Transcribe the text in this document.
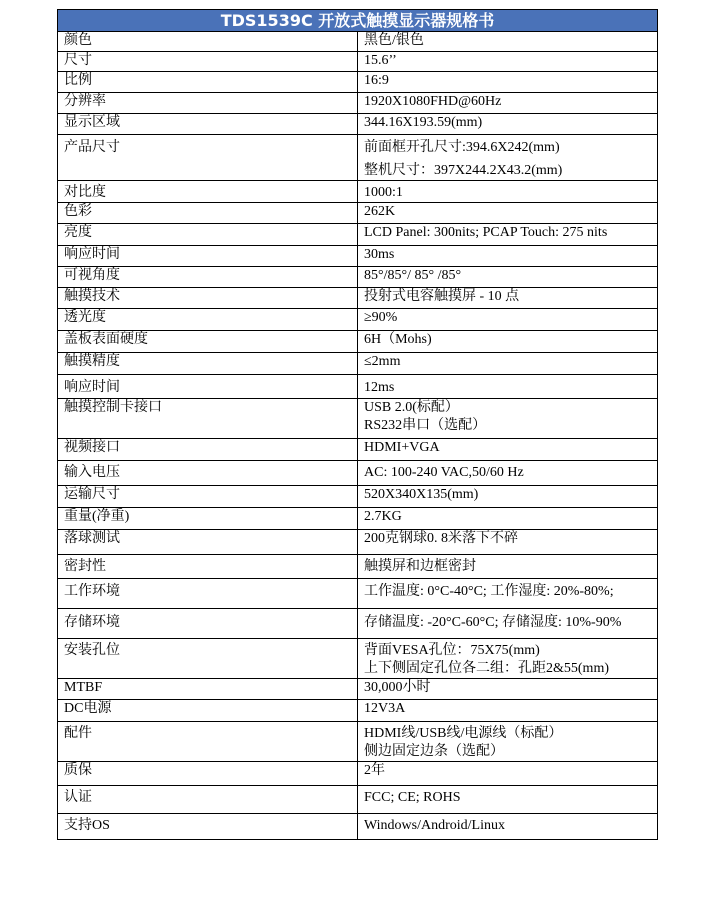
TDS1539C 开放式触摸显示器规格书	
颜色	黑色/银色

尺寸	15.6’’

比例	16:9

分辨率	1920X1080FHD@60Hz

显示区域	344.16X193.59(mm)

产品尺寸	前面框开孔尺寸:394.6X242(mm)
整机尺寸：397X244.2X43.2(mm)

对比度	1000:1

色彩	262K

亮度	LCD Panel: 300nits; PCAP Touch: 275 nits

响应时间	30ms

可视角度	85°/85°/ 85° /85°

触摸技术	投射式电容触摸屏 - 10 点

透光度	≥90%

盖板表面硬度	6H（Mohs)

触摸精度	≤2mm

响应时间	12ms

触摸控制卡接口	USB 2.0(标配）
RS232串口（选配）

视频接口	HDMI+VGA

输入电压	AC: 100-240 VAC,50/60 Hz

运输尺寸	520X340X135(mm)

重量(净重)	2.7KG

落球测试	200克钢球0. 8米落下不碎

密封性	触摸屏和边框密封

工作环境	工作温度: 0°C-40°C; 工作湿度: 20%-80%;

存储环境	存储温度: -20°C-60°C; 存储湿度: 10%-90%

安装孔位	背面VESA孔位：75X75(mm)
上下侧固定孔位各二组：孔距2&55(mm)

MTBF	30,000小时

DC电源	12V3A

配件	HDMI线/USB线/电源线（标配）
侧边固定边条（选配）

质保	2年

认证	FCC; CE; ROHS

支持OS	Windows/Android/Linux
